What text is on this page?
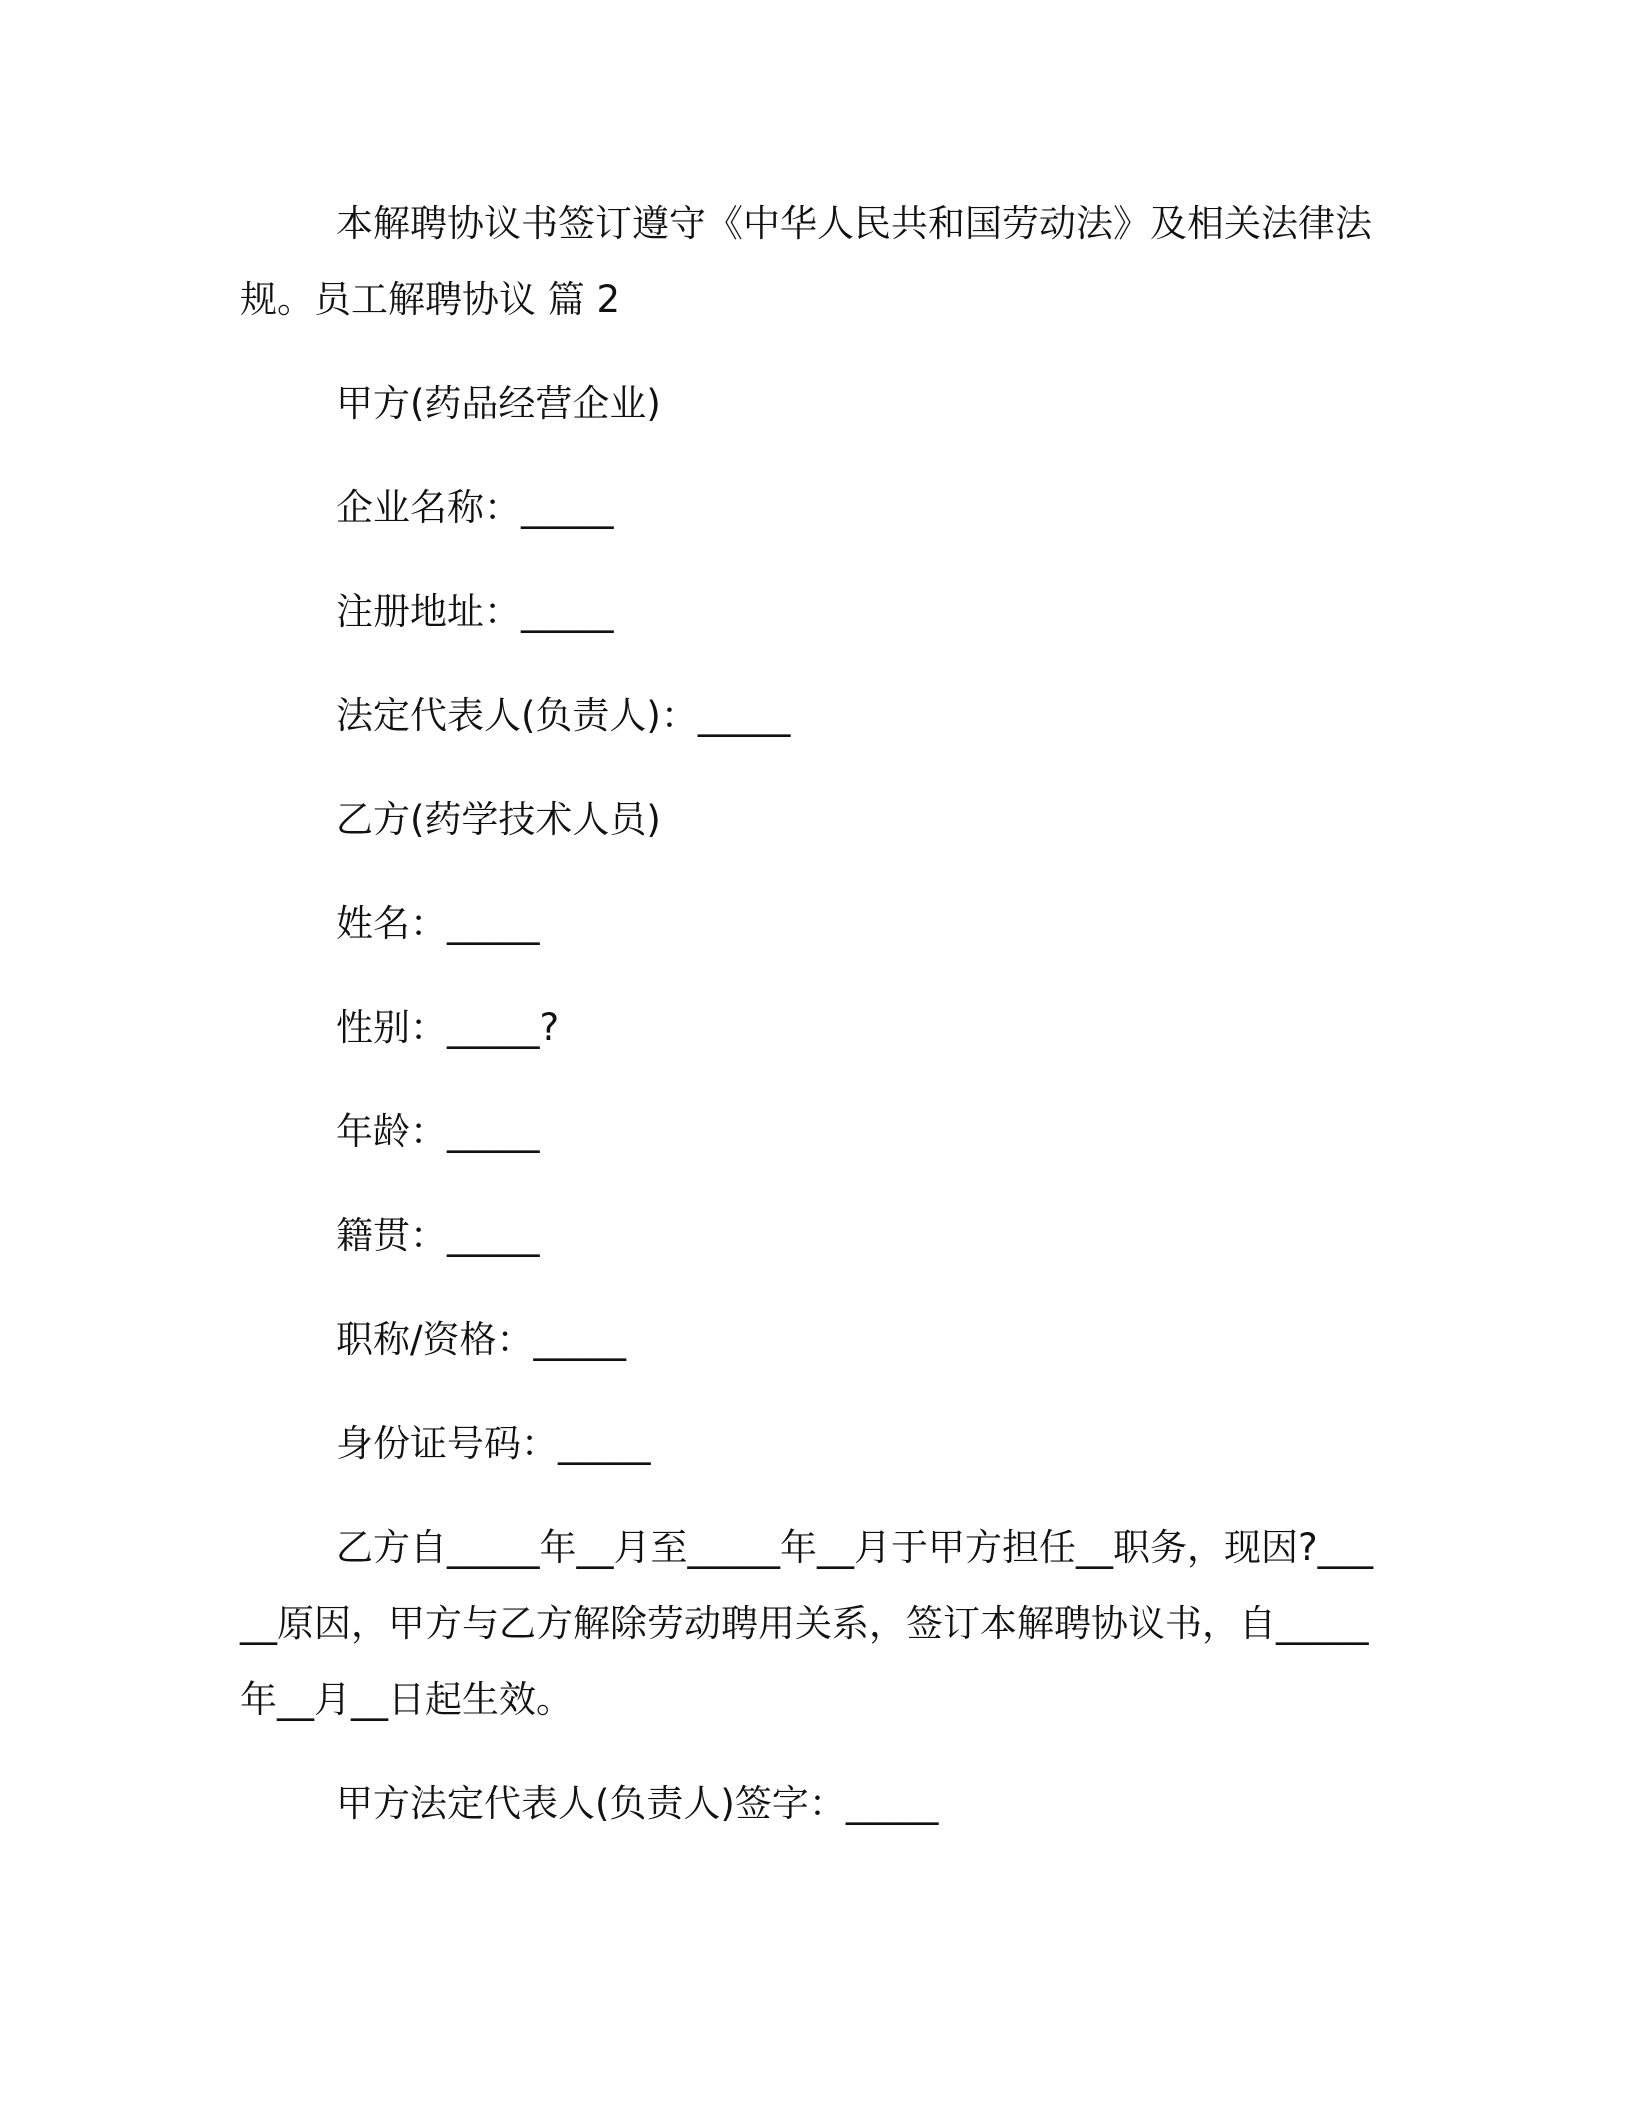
本解聘协议书签订遵守《中华人民共和国劳动法》及相关法律法规。员工解聘协议 篇 2

甲方(药品经营企业)

企业名称：_____

注册地址：_____

法定代表人(负责人)：_____

乙方(药学技术人员)

姓名：_____

性别：_____?

年龄：_____

籍贯：_____

职称/资格：_____

身份证号码：_____

乙方自_____年__月至_____年__月于甲方担任__职务，现因?_____原因，甲方与乙方解除劳动聘用关系，签订本解聘协议书，自_____年__月__日起生效。

甲方法定代表人(负责人)签字：_____
